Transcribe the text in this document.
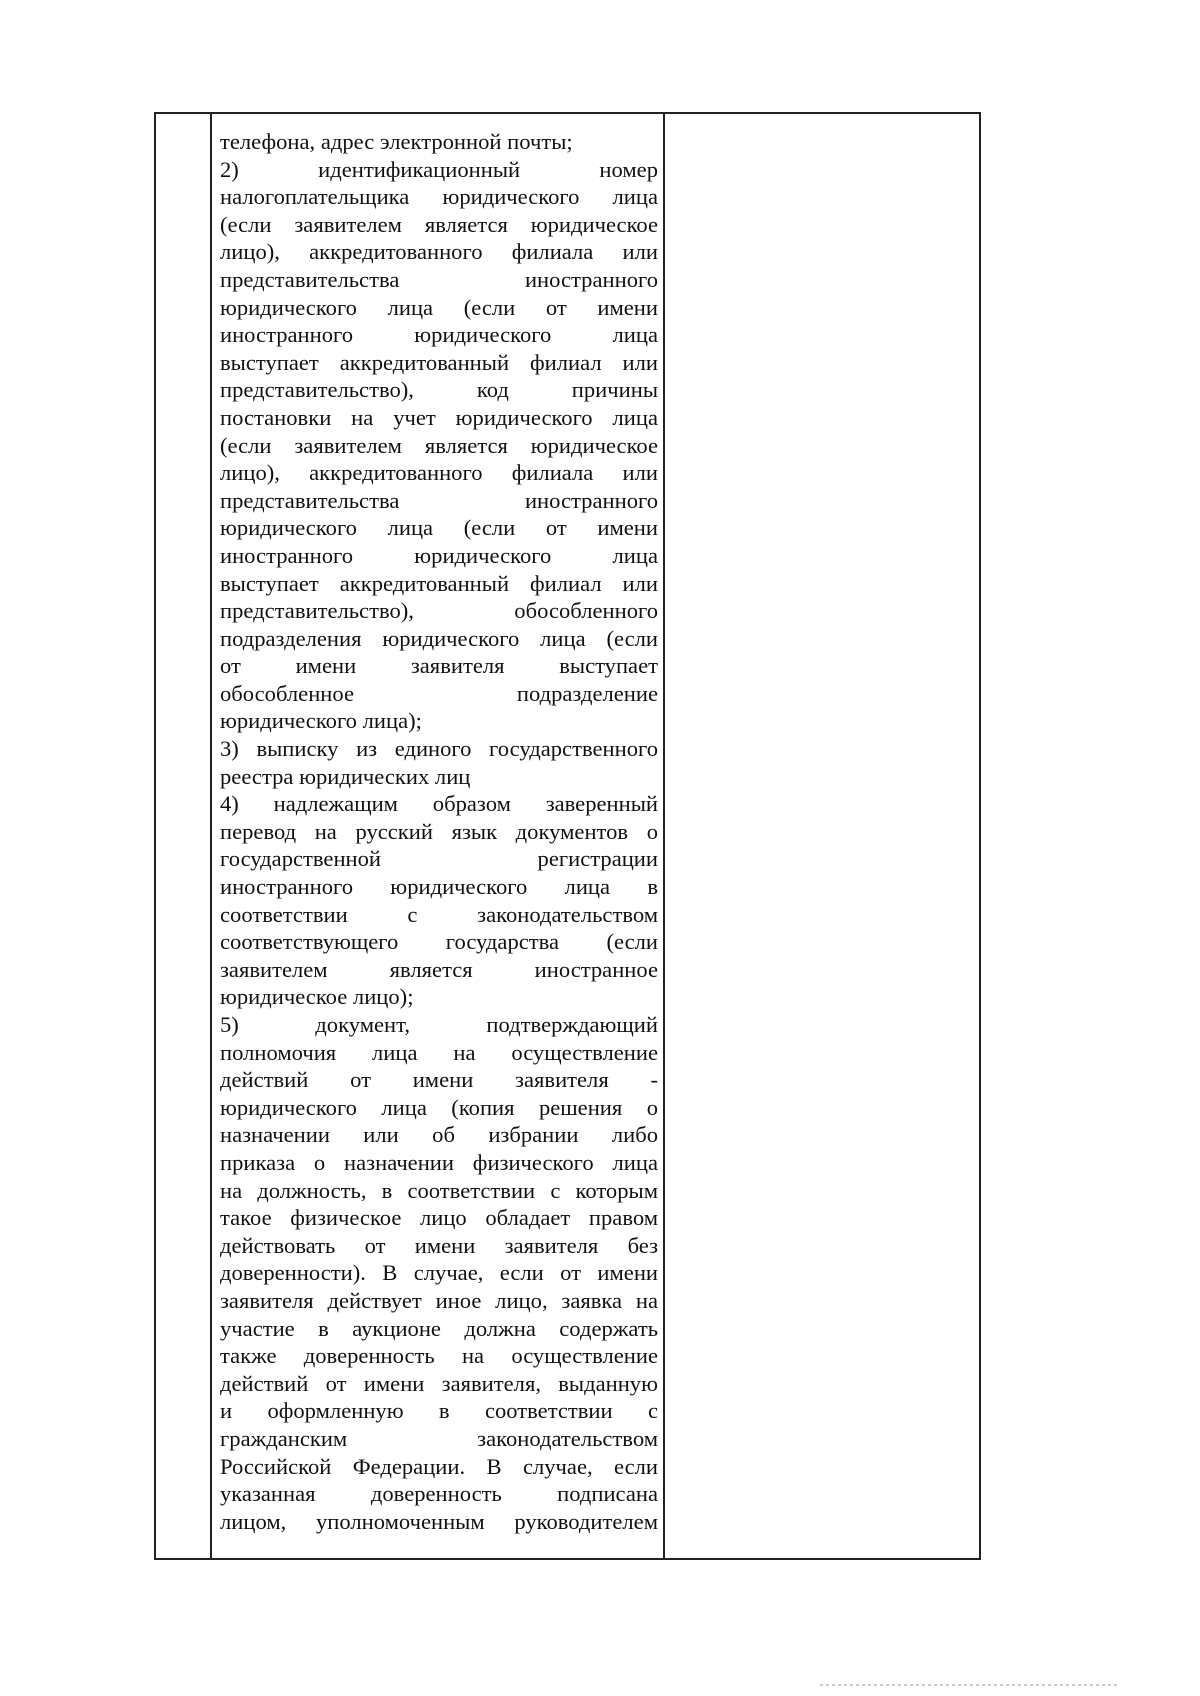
телефона, адрес электронной почты;
2) идентификационный номер
налогоплательщика юридического лица
(если заявителем является юридическое
лицо), аккредитованного филиала или
представительства иностранного
юридического лица (если от имени
иностранного юридического лица
выступает аккредитованный филиал или
представительство), код причины
постановки на учет юридического лица
(если заявителем является юридическое
лицо), аккредитованного филиала или
представительства иностранного
юридического лица (если от имени
иностранного юридического лица
выступает аккредитованный филиал или
представительство), обособленного
подразделения юридического лица (если
от имени заявителя выступает
обособленное подразделение
юридического лица);
3) выписку из единого государственного
реестра юридических лиц
4) надлежащим образом заверенный
перевод на русский язык документов о
государственной регистрации
иностранного юридического лица в
соответствии с законодательством
соответствующего государства (если
заявителем является иностранное
юридическое лицо);
5) документ, подтверждающий
полномочия лица на осуществление
действий от имени заявителя -
юридического лица (копия решения о
назначении или об избрании либо
приказа о назначении физического лица
на должность, в соответствии с которым
такое физическое лицо обладает правом
действовать от имени заявителя без
доверенности). В случае, если от имени
заявителя действует иное лицо, заявка на
участие в аукционе должна содержать
также доверенность на осуществление
действий от имени заявителя, выданную
и оформленную в соответствии с
гражданским законодательством
Российской Федерации. В случае, если
указанная доверенность подписана
лицом, уполномоченным руководителем
